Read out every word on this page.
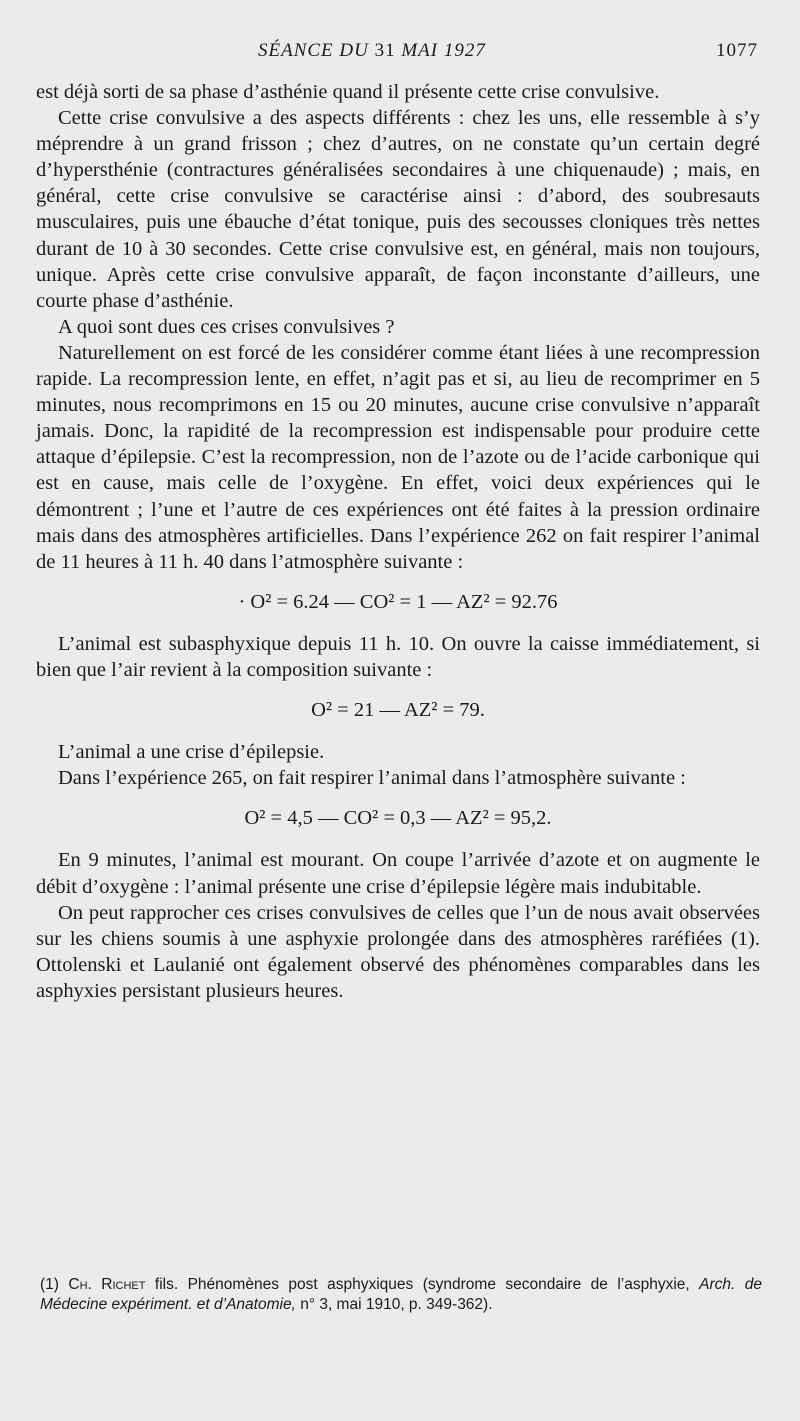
SÉANCE DU 31 MAI 1927	1077

est déjà sorti de sa phase d’asthénie quand il présente cette crise convulsive.

Cette crise convulsive a des aspects différents : chez les uns, elle ressemble à s’y méprendre à un grand frisson ; chez d’autres, on ne constate qu’un certain degré d’hypersthénie (contractures généralisées secondaires à une chiquenaude) ; mais, en général, cette crise convulsive se caractérise ainsi : d’abord, des soubresauts musculaires, puis une ébauche d’état tonique, puis des secousses cloniques très nettes durant de 10 à 30 secondes. Cette crise convulsive est, en général, mais non toujours, unique. Après cette crise convulsive apparaît, de façon inconstante d’ailleurs, une courte phase d’asthénie.

A quoi sont dues ces crises convulsives ?

Naturellement on est forcé de les considérer comme étant liées à une recompression rapide. La recompression lente, en effet, n’agit pas et si, au lieu de recomprimer en 5 minutes, nous recomprimons en 15 ou 20 minutes, aucune crise convulsive n’apparaît jamais. Donc, la rapidité de la recompression est indispensable pour produire cette attaque d’épilepsie. C’est la recompression, non de l’azote ou de l’acide carbonique qui est en cause, mais celle de l’oxygène. En effet, voici deux expériences qui le démontrent ; l’une et l’autre de ces expériences ont été faites à la pression ordinaire mais dans des atmosphères artificielles. Dans l’expérience 262 on fait respirer l’animal de 11 heures à 11 h. 40 dans l’atmosphère suivante :

· O² = 6.24 — CO² = 1 — AZ² = 92.76

L’animal est subasphyxique depuis 11 h. 10. On ouvre la caisse immédiatement, si bien que l’air revient à la composition suivante :

O² = 21 — AZ² = 79.

L’animal a une crise d’épilepsie.

Dans l’expérience 265, on fait respirer l’animal dans l’atmosphère suivante :

O² = 4,5 — CO² = 0,3 — AZ² = 95,2.

En 9 minutes, l’animal est mourant. On coupe l’arrivée d’azote et on augmente le débit d’oxygène : l’animal présente une crise d’épilepsie légère mais indubitable.

On peut rapprocher ces crises convulsives de celles que l’un de nous avait observées sur les chiens soumis à une asphyxie prolongée dans des atmosphères raréfiées (1). Ottolenski et Laulanié ont également observé des phénomènes comparables dans les asphyxies persistant plusieurs heures.

(1) Ch. Richet fils. Phénomènes post asphyxiques (syndrome secondaire de l’asphyxie, Arch. de Médecine expériment. et d’Anatomie, n° 3, mai 1910, p. 349-362).
